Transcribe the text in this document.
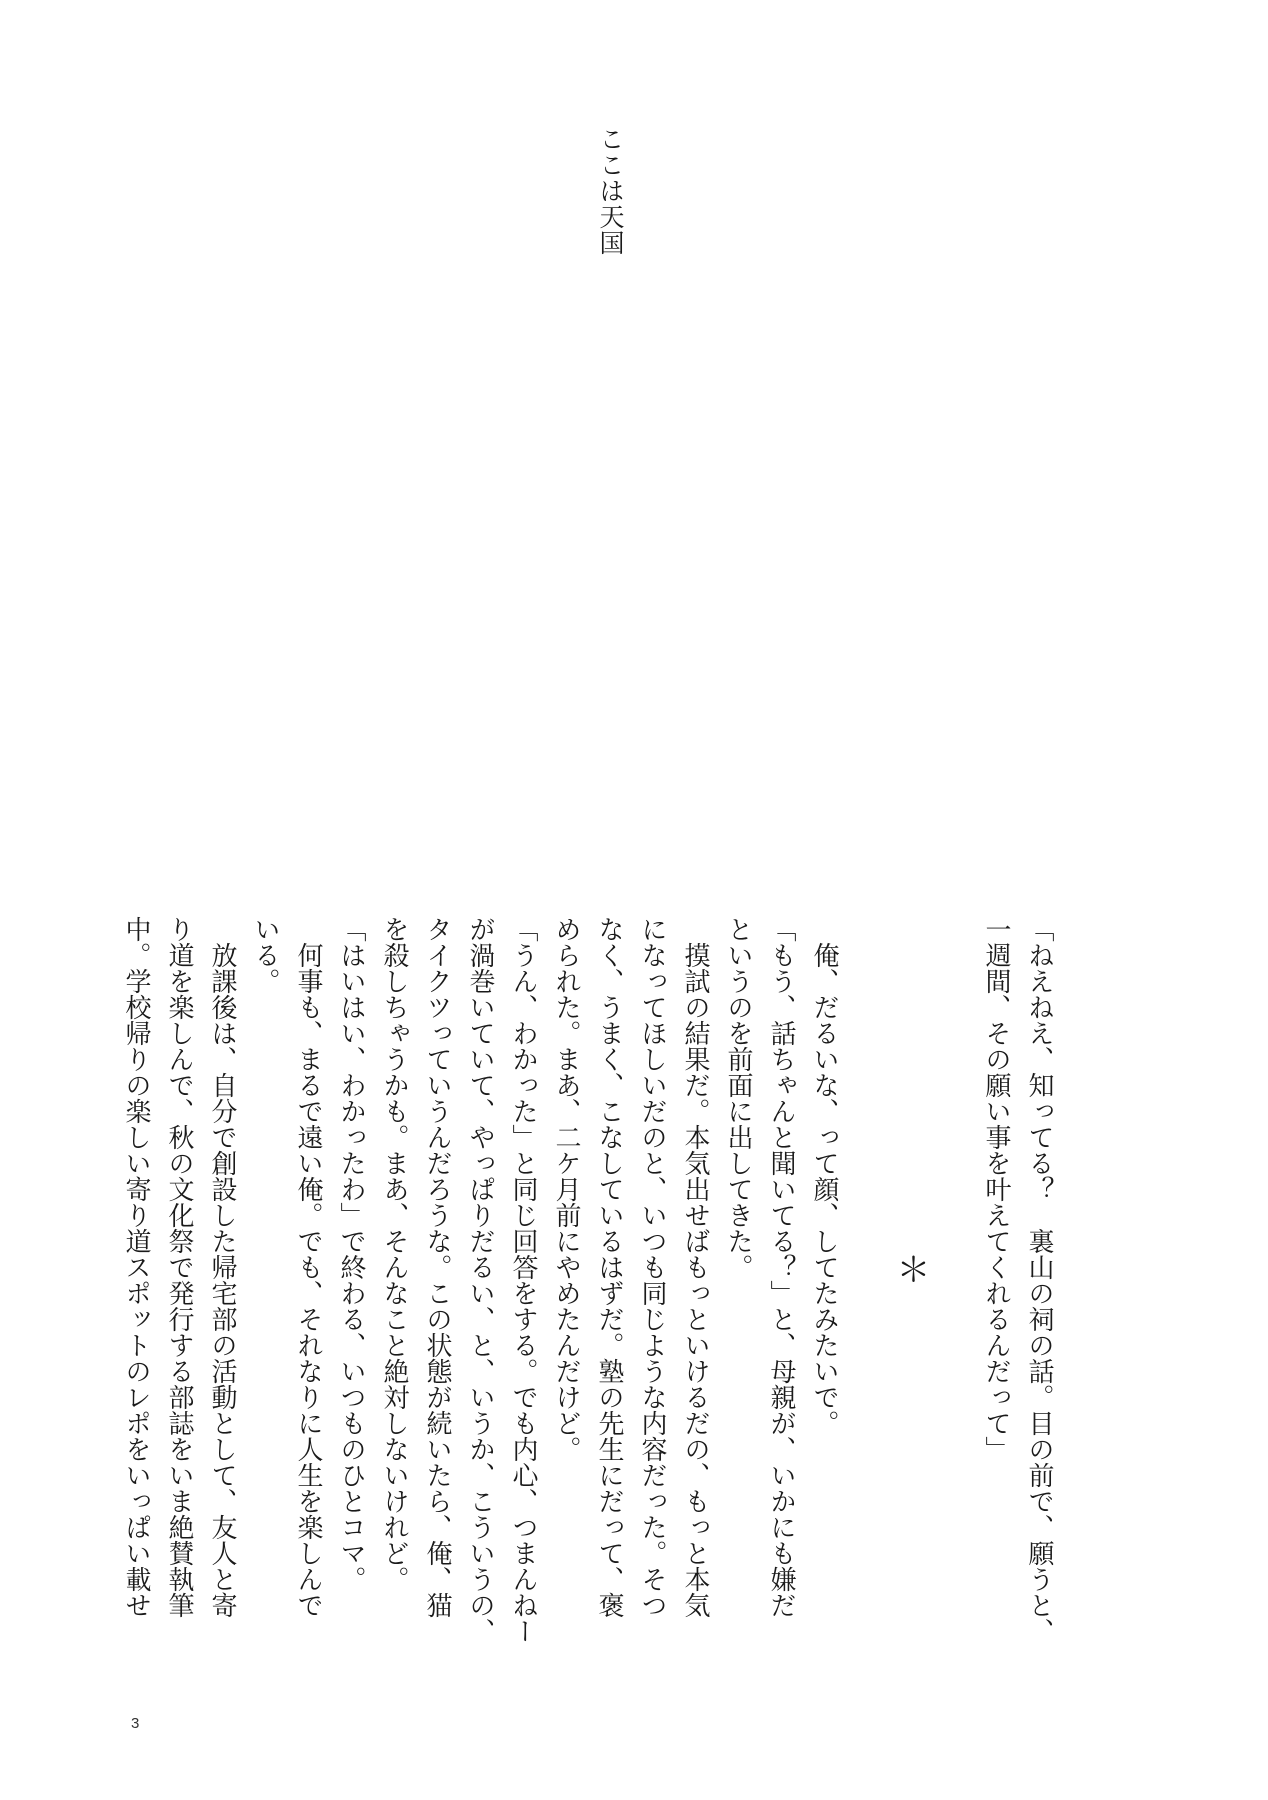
ここは天国
「ねえねえ、知ってる？　裏山の祠の話。目の前で、願うと、
一週間、その願い事を叶えてくれるんだって」
＊
　俺、だるいな、って顔、してたみたいで。
「もう、話ちゃんと聞いてる？」と、母親が、いかにも嫌だ
というのを前面に出してきた。
　摸試の結果だ。本気出せばもっといけるだの、もっと本気
になってほしいだのと、いつも同じような内容だった。そつ
なく、うまく、こなしているはずだ。塾の先生にだって、褒
められた。まあ、二ケ月前にやめたんだけど。
「うん、わかった」と同じ回答をする。でも内心、つまんねー
が渦巻いていて、やっぱりだるい、と、いうか、こういうの、
タイクツっていうんだろうな。この状態が続いたら、俺、猫
を殺しちゃうかも。まあ、そんなこと絶対しないけれど。
「はいはい、わかったわ」で終わる、いつものひとコマ。
　何事も、まるで遠い俺。でも、それなりに人生を楽しんで
いる。
　放課後は、自分で創設した帰宅部の活動として、友人と寄
り道を楽しんで、秋の文化祭で発行する部誌をいま絶賛執筆
中。学校帰りの楽しい寄り道スポットのレポをいっぱい載せ
3
